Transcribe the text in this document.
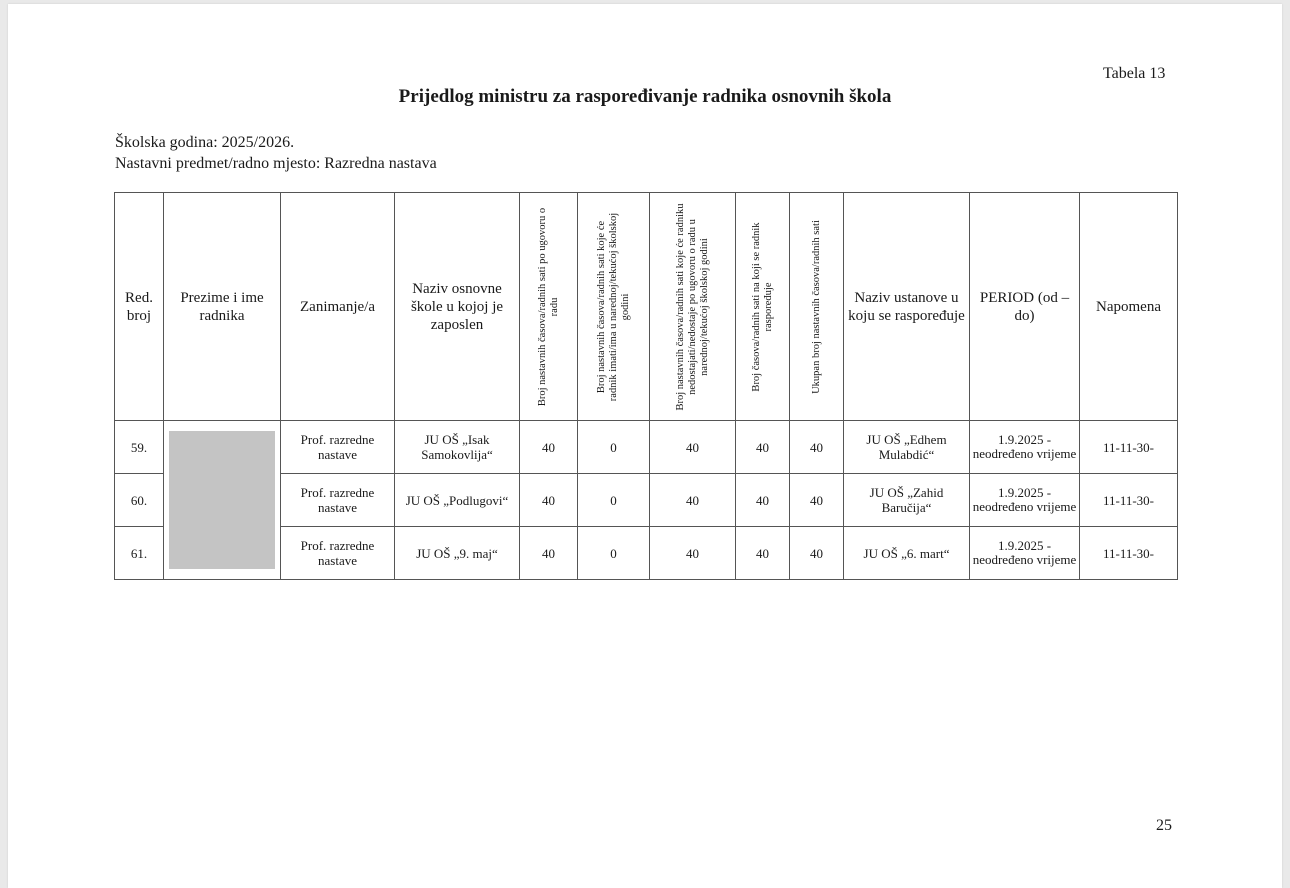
Tabela 13
Prijedlog ministru za raspoređivanje radnika osnovnih škola
Školska godina: 2025/2026.
Nastavni predmet/radno mjesto: Razredna nastava
Red. broj	Prezime i ime radnika	Zanimanje/a	Naziv osnovne škole u kojoj je zaposlen	Broj nastavnih časova/radnih sati po ugovoru o radu	Broj nastavnih časova/radnih sati koje će radnik imati/ima u narednoj/tekućoj školskoj godini	Broj nastavnih časova/radnih sati koje će radniku nedostajati/nedostaje po ugovoru o radu u narednoj/tekućoj školskoj godini	Broj časova/radnih sati na koji se radnik raspoređuje	Ukupan broj nastavnih časova/radnih sati	Naziv ustanove u koju se raspoređuje	PERIOD (od – do)	Napomena
59.		Prof. razredne nastave	JU OŠ „Isak Samokovlija“	40	0	40	40	40	JU OŠ „Edhem Mulabdić“	1.9.2025 - neodređeno vrijeme	11-11-30-
60.		Prof. razredne nastave	JU OŠ „Podlugovi“	40	0	40	40	40	JU OŠ „Zahid Baručija“	1.9.2025 - neodređeno vrijeme	11-11-30-
61.		Prof. razredne nastave	JU OŠ „9. maj“	40	0	40	40	40	JU OŠ „6. mart“	1.9.2025 - neodređeno vrijeme	11-11-30-
25
